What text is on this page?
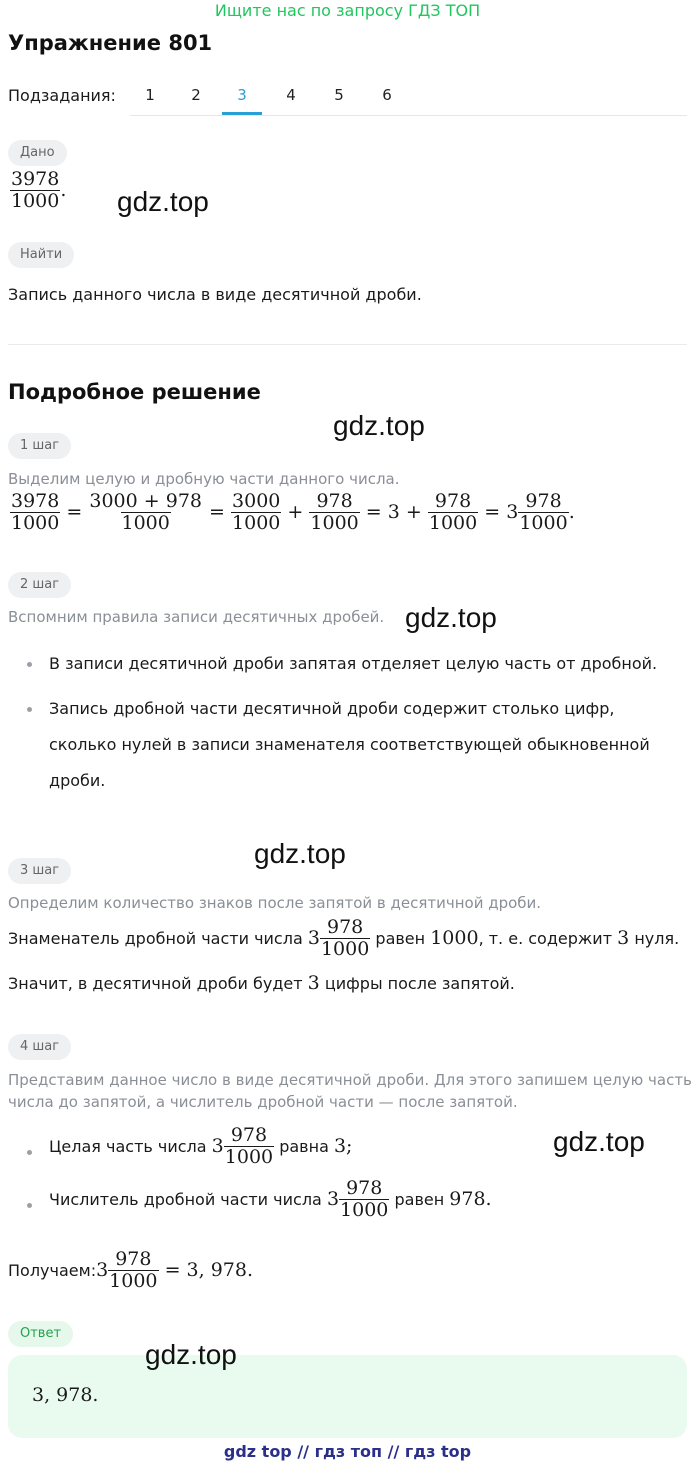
Ищите нас по запросу ГДЗ ТОП
Упражнение 801
Подзадания:	1	2	3	4	5	6
Дано
$\frac{3978}{1000}$ . gdz.top
Найти
Запись данного числа в виде десятичной дроби.
Подробное решение
gdz.top
1 шаг
Выделим целую и дробную части данного числа.
$\frac{3978}{1000} = \frac{3000 + 978}{1000} = \frac{3000}{1000} + \frac{978}{1000} = 3 + \frac{978}{1000} = 3 \frac{978}{1000}$ .
2 шаг
Вспомним правила записи десятичных дробей. gdz.top
В записи десятичной дроби запятая отделяет целую часть от дробной.
Запись дробной части десятичной дроби содержит столько цифр,
сколько нулей в записи знаменателя соответствующей обыкновенной
дроби.
gdz.top
3 шаг
Определим количество знаков после запятой в десятичной дроби.
Знаменатель дробной части числа $3 \frac{978}{1000}$ равен 1000, т. е. содержит 3 нуля.
Значит, в десятичной дроби будет 3 цифры после запятой.
4 шаг
Представим данное число в виде десятичной дроби. Для этого запишем целую часть
числа до запятой, а числитель дробной части — после запятой.
gdz.top
Целая часть числа $3 \frac{978}{1000}$ равна 3;
Числитель дробной части числа $3 \frac{978}{1000}$ равен 978.
Получаем:3 $\frac{978}{1000} = 3$, 978.
Ответ
3, 978.
gdz.top
gdz top // гдз топ // гдз top
